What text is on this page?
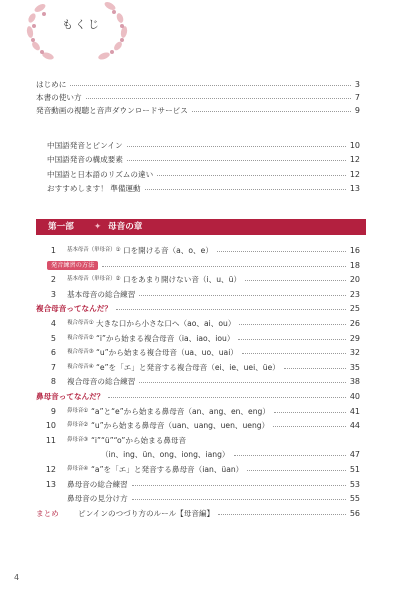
もくじ
はじめに	3
本書の使い方	7
発音動画の視聴と音声ダウンロードサービス	9
中国語発音とピンイン	10
中国語発音の構成要素	12
中国語と日本語のリズムの違い	12
おすすめします！ 準備運動	13
1 基本母音（単母音）① 口を開ける音（a、o、e）	16
発音練習の方法	18
2 基本母音（単母音）② 口をあまり開けない音（i、u、ü）	20
3 基本母音の総合練習	23
複合母音ってなんだ？	25
4 複合母音① 大きな口から小さな口へ（ao、ai、ou）	26
5 複合母音② “i”から始まる複合母音（ia、iao、iou）	29
6 複合母音③ “u”から始まる複合母音（ua、uo、uai）	32
7 複合母音④ “e”を「エ」と発音する複合母音（ei、ie、uei、üe）	35
8 複合母音の総合練習	38
鼻母音ってなんだ？	40
9 鼻母音① “a”と“e”から始まる鼻母音（an、ang、en、eng）	41
10 鼻母音② “u”から始まる鼻母音（uan、uang、uen、ueng）	44
11 鼻母音③ “i”“ü”“o”から始まる鼻母音
（in、ing、ün、ong、iong、iang）	47
12 鼻母音④ “a”を「エ」と発音する鼻母音（ian、üan）	51
13 鼻母音の総合練習	53
鼻母音の見分け方	55
まとめ	ピンインのつづり方のルール【母音編】	56
第一部 ✦ 母音の章
4
